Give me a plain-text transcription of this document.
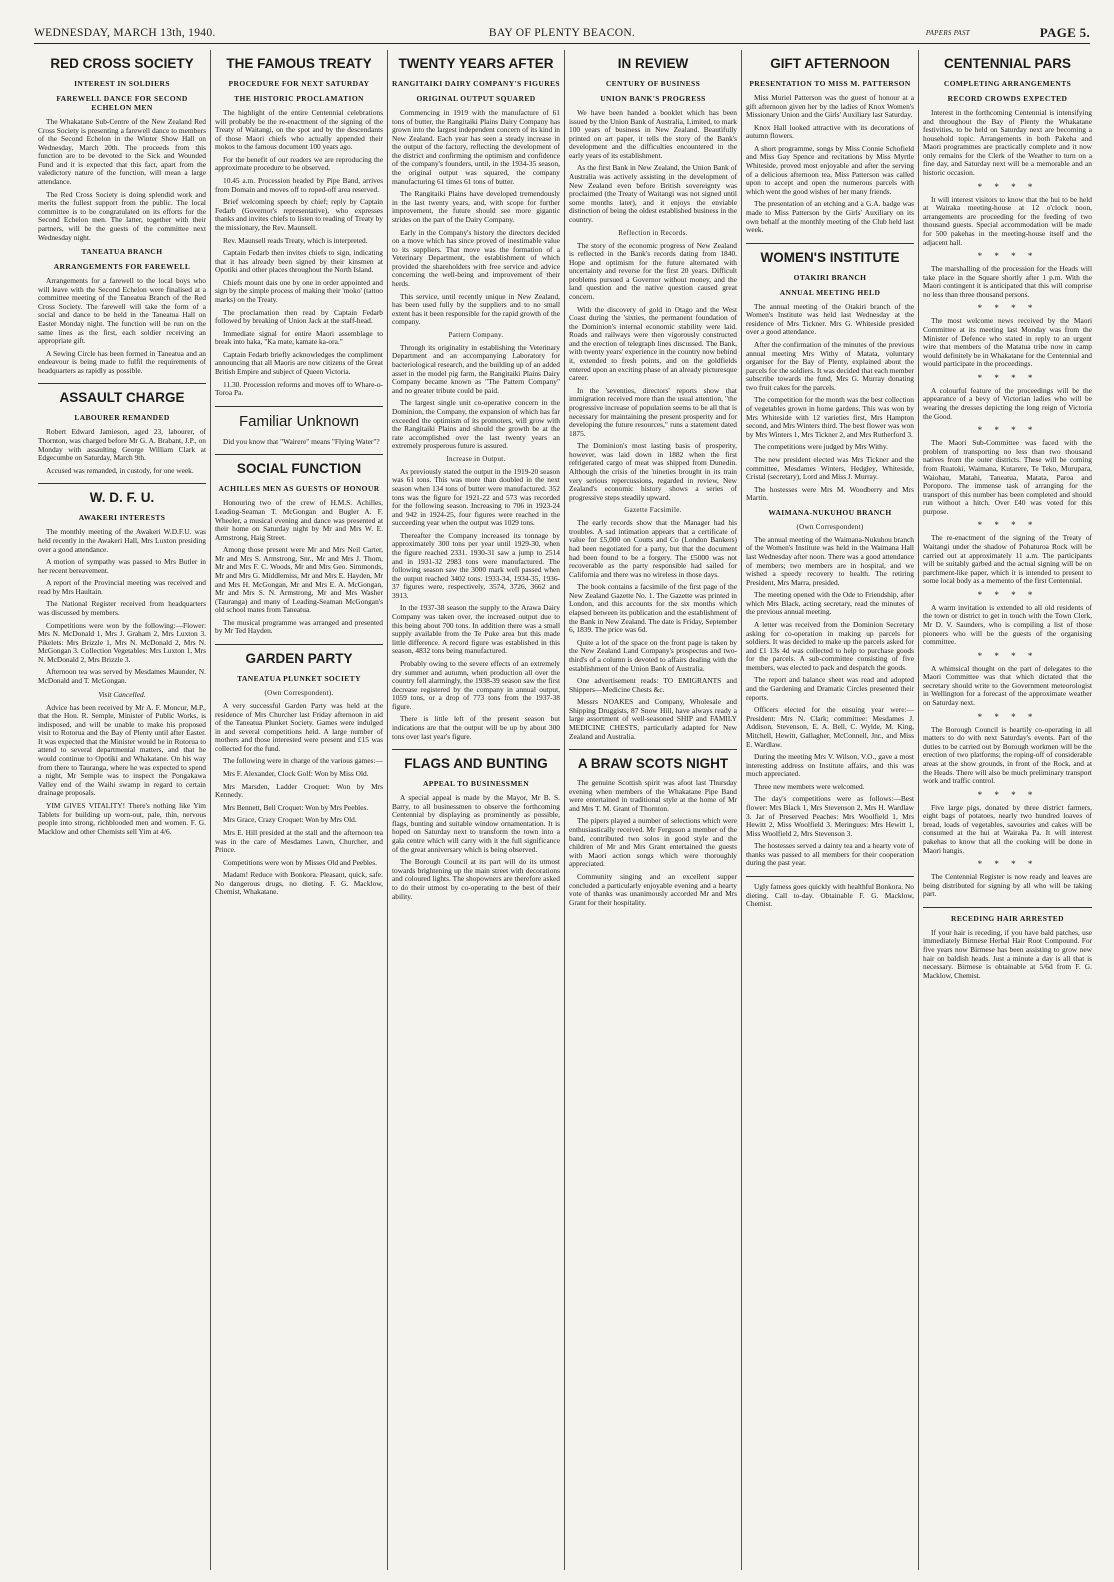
WEDNESDAY, MARCH 13th, 1940.	BAY OF PLENTY BEACON.	PAPERS PAST	PAGE 5.
RED CROSS SOCIETY
INTEREST IN SOLDIERS
FAREWELL DANCE FOR SECOND ECHELON MEN

The Whakatane Sub-Centre of the New Zealand Red Cross Society is presenting a farewell dance to members of the Second Echelon in the Winter Show Hall on Wednesday, March 20th. The proceeds from this function are to be devoted to the Sick and Wounded Fund and it is expected that this fact, apart from the valedictory nature of the function, will mean a large attendance.

The Red Cross Society is doing splendid work and merits the fullest support from the public. The local committee is to be congratulated on its efforts for the Second Echelon men. The latter, together with their partners, will be the guests of the committee next Wednesday night.

TANEATUA BRANCH
ARRANGEMENTS FOR FAREWELL

Arrangements for a farewell to the local boys who will leave with the Second Echelon were finalised at a committee meeting of the Taneatua Branch of the Red Cross Society. The farewell will take the form of a social and dance to be held in the Taneatua Hall on Easter Monday night. The function will be run on the same lines as the first, each soldier receiving an appropriate gift.

A Sewing Circle has been formed in Taneatua and an endeavour is being made to fulfil the requirements of headquarters as rapidly as possible.

ASSAULT CHARGE
LABOURER REMANDED

Robert Edward Jamieson, aged 23, labourer, of Thornton, was charged before Mr G. A. Brabant, J.P., on Monday with assaulting George William Clark at Edgecumbe on Saturday, March 9th.

Accused was remanded, in custody, for one week.

W. D. F. U.
AWAKERI INTERESTS

The monthly meeting of the Awakeri W.D.F.U. was held recently in the Awakeri Hall, Mrs Luxton presiding over a good attendance.

A motion of sympathy was passed to Mrs Butler in her recent bereavement.

A report of the Provincial meeting was received and read by Mrs Haultain.

The National Register received from headquarters was discussed by members.

Competitions were won by the following:—Flower: Mrs N. McDonald 1, Mrs J. Graham 2, Mrs Luxton 3. Pikelets: Mrs Brizzle 1, Mrs N. McDonald 2, Mrs N. McGongan 3. Collection Vegetables: Mrs Luxton 1, Mrs N. McDonald 2, Mrs Brizzle 3.

Afternoon tea was served by Mesdames Maunder, N. McDonald and T. McGongan.

Visit Cancelled.

Advice has been received by Mr A. F. Moncur, M.P., that the Hon. R. Semple, Minister of Public Works, is indisposed, and will be unable to make his proposed visit to Rotorua and the Bay of Plenty until after Easter. It was expected that the Minister would be in Rotorua to attend to several departmental matters, and that he would continue to Opotiki and Whakatane. On his way from there to Tauranga, where he was expected to spend a night, Mr Semple was to inspect the Pongakawa Valley end of the Waihi swamp in regard to certain drainage proposals.

YIM GIVES VITALITY! There's nothing like Yim Tablets for building up worn-out, pale, thin, nervous people into strong, richblooded men and women. F. G. Macklow and other Chemists sell Yim at 4/6.

THE FAMOUS TREATY
PROCEDURE FOR NEXT SATURDAY
THE HISTORIC PROCLAMATION

The highlight of the entire Centennial celebrations will probably be the re-enactment of the signing of the Treaty of Waitangi, on the spot and by the descendants of those Maori chiefs who actually appended their mokos to the famous document 100 years ago.

For the benefit of our readers we are reproducing the approximate procedure to be observed.

10.45 a.m. Procession headed by Pipe Band, arrives from Domain and moves off to roped-off area reserved.

Brief welcoming speech by chief; reply by Captain Fedarb (Governor's representative), who expresses thanks and invites chiefs to listen to reading of Treaty by the missionary, the Rev. Maunsell.

Rev. Maunsell reads Treaty, which is interpreted.

Captain Fedarb then invites chiefs to sign, indicating that it has already been signed by their kinsmen at Opotiki and other places throughout the North Island.

Chiefs mount dais one by one in order appointed and sign by the simple process of making their 'moko' (tattoo marks) on the Treaty.

The proclamation then read by Captain Fedarb followed by breaking of Union Jack at the staff-head.

Immediate signal for entire Maori assemblage to break into haka, "Ka mate, kamate ka-ora."

Captain Fedarb briefly acknowledges the compliment announcing that all Maoris are now citizens of the Great British Empire and subject of Queen Victoria.

11.30. Procession reforms and moves off to Whare-o-Toroa Pa.

Familiar Unknown

Did you know that "Wairere" means "Flying Water"?

SOCIAL FUNCTION
ACHILLES MEN AS GUESTS OF HONOUR

Honouring two of the crew of H.M.S. Achilles, Leading-Seaman T. McGongan and Bugler A. F. Wheeler, a musical evening and dance was presented at their home on Saturday night by Mr and Mrs W. E. Armstrong, Haig Street.

Among those present were Mr and Mrs Neil Carter, Mr and Mrs S. Armstrong, Snr., Mr and Mrs J. Thom, Mr and Mrs F. C. Woods, Mr and Mrs Geo. Simmonds, Mr and Mrs G. Middlemiss, Mr and Mrs E. Hayden, Mr and Mrs H. McGongan, Mr and Mrs E. A. McGongan, Mr and Mrs S. N. Armstrong, Mr and Mrs Washer (Tauranga) and many of Leading-Seaman McGongan's old school mates from Taneatua.

The musical programme was arranged and presented by Mr Ted Hayden.

GARDEN PARTY
TANEATUA PLUNKET SOCIETY
(Own Correspondent).

A very successful Garden Party was held at the residence of Mrs Churcher last Friday afternoon in aid of the Taneatua Plunket Society. Games were indulged in and several competitions held. A large number of mothers and those interested were present and £15 was collected for the fund.

The following were in charge of the various games:—

Mrs F. Alexander, Clock Golf: Won by Miss Old.

Mrs Marsden, Ladder Croquet: Won by Mrs Kennedy.

Mrs Bennett, Bell Croquet: Won by Mrs Peebles.

Mrs Grace, Crazy Croquet: Won by Mrs Old.

Mrs E. Hill presided at the stall and the afternoon tea was in the care of Mesdames Lawn, Churcher, and Prince.

Competitions were won by Misses Old and Peebles.

Madam! Reduce with Bonkora. Pleasant, quick, safe. No dangerous drugs, no dieting. F. G. Macklow, Chemist, Whakatane.

TWENTY YEARS AFTER
RANGITAIKI DAIRY COMPANY'S FIGURES
ORIGINAL OUTPUT SQUARED

Commencing in 1919 with the manufacture of 61 tons of butter, the Rangitaiki Plains Dairy Company has grown into the largest independent concern of its kind in New Zealand. Each year has seen a steady increase in the output of the factory, reflecting the development of the district and confirming the optimism and confidence of the company's founders, until, in the 1934-35 season, the original output was squared, the company manufacturing 61 times 61 tons of butter.

The Rangitaiki Plains have developed tremendously in the last twenty years, and, with scope for further improvement, the future should see more gigantic strides on the part of the Dairy Company.

Early in the Company's history the directors decided on a move which has since proved of inestimable value to its suppliers. That move was the formation of a Veterinary Department, the establishment of which provided the shareholders with free service and advice concerning the well-being and improvement of their herds.

This service, until recently unique in New Zealand, has been used fully by the suppliers and to no small extent has it been responsible for the rapid growth of the company.

Pattern Company.

Through its originality in establishing the Veterinary Department and an accompanying Laboratory for bacteriological research, and the building up of an added asset in the model pig farm, the Rangitaiki Plains Dairy Company became known as "The Pattern Company" and no greater tribute could be paid.

The largest single unit co-operative concern in the Dominion, the Company, the expansion of which has far exceeded the optimism of its promoters, will grow with the Rangitaiki Plains and should the growth be at the rate accomplished over the last twenty years an extremely prosperous future is assured.

Increase in Output.

As previously stated the output in the 1919-20 season was 61 tons. This was more than doubled in the next season when 134 tons of butter were manufactured. 352 tons was the figure for 1921-22 and 573 was recorded for the following season. Increasing to 706 in 1923-24 and 942 in 1924-25, four figures were reached in the succeeding year when the output was 1029 tons.

Thereafter the Company increased its tonnage by approximately 300 tons per year until 1929-30, when the figure reached 2331. 1930-31 saw a jump to 2514 and in 1931-32 2983 tons were manufactured. The following season saw the 3000 mark well passed when the output reached 3402 tons. 1933-34, 1934-35, 1936-37 figures were, respectively, 3574, 3726, 3662 and 3913.

In the 1937-38 season the supply to the Arawa Dairy Company was taken over, the increased output due to this being about 700 tons. In addition there was a small supply available from the Te Puke area but this made little difference. A record figure was established in this season, 4832 tons being manufactured.

Probably owing to the severe effects of an extremely dry summer and autumn, when production all over the country fell alarmingly, the 1938-39 season saw the first decrease registered by the company in annual output, 1059 tons, or a drop of 773 tons from the 1937-38 figure.

There is little left of the present season but indications are that the output will be up by about 300 tons over last year's figure.

FLAGS AND BUNTING
APPEAL TO BUSINESSMEN

A special appeal is made by the Mayor, Mr B. S. Barry, to all businessmen to observe the forthcoming Centennial by displaying as prominently as possible, flags, bunting and suitable window ornamentation. It is hoped on Saturday next to transform the town into a gala centre which will carry with it the full significance of the great anniversary which is being observed.

The Borough Council at its part will do its utmost towards brightening up the main street with decorations and coloured lights. The shopowners are therefore asked to do their utmost by co-operating to the best of their ability.

IN REVIEW
CENTURY OF BUSINESS
UNION BANK'S PROGRESS

We have been handed a booklet which has been issued by the Union Bank of Australia, Limited, to mark 100 years of business in New Zealand. Beautifully printed on art paper, it tells the story of the Bank's development and the difficulties encountered in the early years of its establishment.

As the first Bank in New Zealand, the Union Bank of Australia was actively assisting in the development of New Zealand even before British sovereignty was proclaimed (the Treaty of Waitangi was not signed until some months later), and it enjoys the enviable distinction of being the oldest established business in the country.

Reflection in Records.

The story of the economic progress of New Zealand is reflected in the Bank's records dating from 1840. Hope and optimism for the future alternated with uncertainty and reverse for the first 20 years. Difficult problems pursued a Governor without money, and the land question and the native question caused great concern.

With the discovery of gold in Otago and the West Coast during the 'sixties, the permanent foundation of the Dominion's internal economic stability were laid. Roads and railways were then vigorously constructed and the erection of telegraph lines discussed. The Bank, with twenty years' experience in the country now behind it, extended to fresh points, and on the goldfields entered upon an exciting phase of an already picturesque career.

In the 'seventies, directors' reports show that immigration received more than the usual attention, "the progressive increase of population seems to be all that is necessary for maintaining the present prosperity and for developing the future resources," runs a statement dated 1875.

The Dominion's most lasting basis of prosperity, however, was laid down in 1882 when the first refrigerated cargo of meat was shipped from Dunedin. Although the crisis of the 'nineties brought in its train very serious repercussions, regarded in review, New Zealand's economic history shows a series of progressive steps steadily upward.

Gazette Facsimile.

The early records show that the Manager had his troubles. A sad intimation appears that a certificate of value for £5,000 on Coutts and Co (London Bankers) had been negotiated for a party, but that the document had been found to be a forgery. The £5000 was not recoverable as the party responsible had sailed for California and there was no wireless in those days.

The book contains a facsimile of the first page of the New Zealand Gazette No. 1. The Gazette was printed in London, and this accounts for the six months which elapsed between its publication and the establishment of the Bank in New Zealand. The date is Friday, September 6, 1839. The price was 6d.

Quite a lot of the space on the front page is taken by the New Zealand Land Company's prospectus and two-third's of a column is devoted to affairs dealing with the establishment of the Union Bank of Australia.

One advertisement reads: TO EMIGRANTS and Shippers—Medicine Chests &c.

Messrs NOAKES and Company, Wholesale and Shipping Druggists, 87 Snow Hill, have always ready a large assortment of well-seasoned SHIP and FAMILY MEDICINE CHESTS, particularly adapted for New Zealand and Australia.

A BRAW SCOTS NIGHT

The genuine Scottish spirit was afoot last Thursday evening when members of the Whakatane Pipe Band were entertained in traditional style at the home of Mr and Mrs T. M. Grant of Thornton.

The pipers played a number of selections which were enthusiastically received. Mr Ferguson a member of the band, contributed two solos in good style and the children of Mr and Mrs Grant entertained the guests with Maori action songs which were thoroughly appreciated.

Community singing and an excellent supper concluded a particularly enjoyable evening and a hearty vote of thanks was unanimously accorded Mr and Mrs Grant for their hospitality.

GIFT AFTERNOON
PRESENTATION TO MISS M. PATTERSON

Miss Muriel Patterson was the guest of honour at a gift afternoon given her by the ladies of Knox Women's Missionary Union and the Girls' Auxiliary last Saturday.

Knox Hall looked attractive with its decorations of autumn flowers.

A short programme, songs by Miss Connie Schofield and Miss Gay Spence and recitations by Miss Myrtle Whiteside, proved most enjoyable and after the serving of a delicious afternoon tea, Miss Patterson was called upon to accept and open the numerous parcels with which went the good wishes of her many friends.

The presentation of an etching and a G.A. badge was made to Miss Patterson by the Girls' Auxiliary on its own behalf at the monthly meeting of the Club held last week.

WOMEN'S INSTITUTE
OTAKIRI BRANCH
ANNUAL MEETING HELD

The annual meeting of the Otakiri branch of the Women's Institute was held last Wednesday at the residence of Mrs Tickner. Mrs G. Whiteside presided over a good attendance.

After the confirmation of the minutes of the previous annual meeting Mrs Withy of Matata, voluntary organiser for the Bay of Plenty, explained about the parcels for the soldiers. It was decided that each member subscribe towards the fund, Mrs G. Murray donating two fruit cakes for the parcels.

The competition for the month was the best collection of vegetables grown in home gardens. This was won by Mrs Whiteside with 12 varieties first, Mrs Hampton second, and Mrs Winters third. The best flower was won by Mrs Winters 1, Mrs Tickner 2, and Mrs Rutherford 3.

The competitions were judged by Mrs Withy.

The new president elected was Mrs Tickner and the committee, Mesdames Winters, Hedgley, Whiteside, Cristal (secretary), Lord and Miss J. Murray.

The hostesses were Mrs M. Woodberry and Mrs Martin.

WAIMANA-NUKUHOU BRANCH
(Own Correspondent)

The annual meeting of the Waimana-Nukuhou branch of the Women's Institute was held in the Waimana Hall last Wednesday after noon. There was a good attendance of members; two members are in hospital, and we wished a speedy recovery to health. The retiring President, Mrs Marra, presided.

The meeting opened with the Ode to Friendship, after which Mrs Black, acting secretary, read the minutes of the previous annual meeting.

A letter was received from the Dominion Secretary asking for co-operation in making up parcels for soldiers. It was decided to make up the parcels asked for and £1 13s 4d was collected to help to purchase goods for the parcels. A sub-committee consisting of five members, was elected to pack and despatch the goods.

The report and balance sheet was read and adopted and the Gardening and Dramatic Circles presented their reports.

Officers elected for the ensuing year were:—President: Mrs N. Clark; committee: Mesdames J. Addison, Stevenson, E. A. Bell, C. Wylde, M. King, Mitchell, Hewitt, Gallagher, McConnell, Jnr., and Miss E. Wardlaw.

During the meeting Mrs V. Wilson, V.O., gave a most interesting address on Institute affairs, and this was much appreciated.

Three new members were welcomed.

The day's competitions were as follows:—Best flower: Mrs Black 1, Mrs Stevenson 2, Mrs H. Wardlaw 3. Jar of Preserved Peaches: Mrs Woolfield 1, Mrs Hewitt 2, Miss Woolfield 3. Meringues: Mrs Hewitt 1, Miss Woolfield 2, Mrs Stevenson 3.

The hostesses served a dainty tea and a hearty vote of thanks was passed to all members for their cooperation during the past year.

Ugly fatness goes quickly with healthful Bonkora. No dieting. Call to-day. Obtainable F. G. Macklow, Chemist.

CENTENNIAL PARS
COMPLETING ARRANGEMENTS
RECORD CROWDS EXPECTED

Interest in the forthcoming Centennial is intensifying and throughout the Bay of Plenty the Whakatane festivities, to be held on Saturday next are becoming a household topic. Arrangements in both Pakeha and Maori programmes are practically complete and it now only remains for the Clerk of the Weather to turn on a fine day, and Saturday next will be a memorable and an historic occasion.

* * * *

It will interest visitors to know that the hui to be held at Wairaka meeting-house at 12 o'clock noon, arrangements are proceeding for the feeding of two thousand guests. Special accommodation will be made for 500 pakehas in the meeting-house itself and the adjacent hall.

* * * *

The marshalling of the procession for the Heads will take place in the Square shortly after 1 p.m. With the Maori contingent it is anticipated that this will comprise no less than three thousand persons.

* * * *

The most welcome news received by the Maori Committee at its meeting last Monday was from the Minister of Defence who stated in reply to an urgent wire that members of the Matatua tribe now in camp would definitely be in Whakatane for the Centennial and would participate in the proceedings.

* * * *

A colourful feature of the proceedings will be the appearance of a bevy of Victorian ladies who will be wearing the dresses depicting the long reign of Victoria the Good.

* * * *

The Maori Sub-Committee was faced with the problem of transporting no less than two thousand natives from the outer districts. These will be coming from Ruatoki, Waimana, Kutarere, Te Teko, Murupara, Waiohau, Matahi, Taneatua, Matata, Paroa and Poroporo. The immense task of arranging for the transport of this number has been completed and should run without a hitch. Over £40 was voted for this purpose.

* * * *

The re-enactment of the signing of the Treaty of Waitangi under the shadow of Pohaturoa Rock will be carried out at approximately 11 a.m. The participants will be suitably garbed and the actual signing will be on parchment-like paper, which it is intended to present to some local body as a memento of the first Centennial.

* * * *

A warm invitation is extended to all old residents of the town or district to get in touch with the Town Clerk, Mr D. V. Saunders, who is compiling a list of those pioneers who will be the guests of the organising committee.

* * * *

A whimsical thought on the part of delegates to the Maori Committee was that which dictated that the secretary should write to the Government meteorologist in Wellington for a forecast of the approximate weather on Saturday next.

* * * *

The Borough Council is heartily co-operating in all matters to do with next Saturday's events. Part of the duties to be carried out by Borough workmen will be the erection of two platforms; the roping-off of considerable areas at the show grounds, in front of the Rock, and at the Heads. There will also be much preliminary transport work and traffic control.

* * * *

Five large pigs, donated by three district farmers, eight bags of potatoes, nearly two hundred loaves of bread, loads of vegetables, savouries and cakes will be consumed at the hui at Wairaka Pa. It will interest pakehas to know that all the cooking will be done in Maori hangis.

* * * *

The Centennial Register is now ready and leaves are being distributed for signing by all who will be taking part.

RECEDING HAIR ARRESTED

If your hair is receding, if you have bald patches, use immediately Birmese Herbal Hair Root Compound. For five years now Birmese has been assisting to grow new hair on baldish heads. Just a minute a day is all that is necessary. Birmese is obtainable at 5/6d from F. G. Macklow, Chemist.
